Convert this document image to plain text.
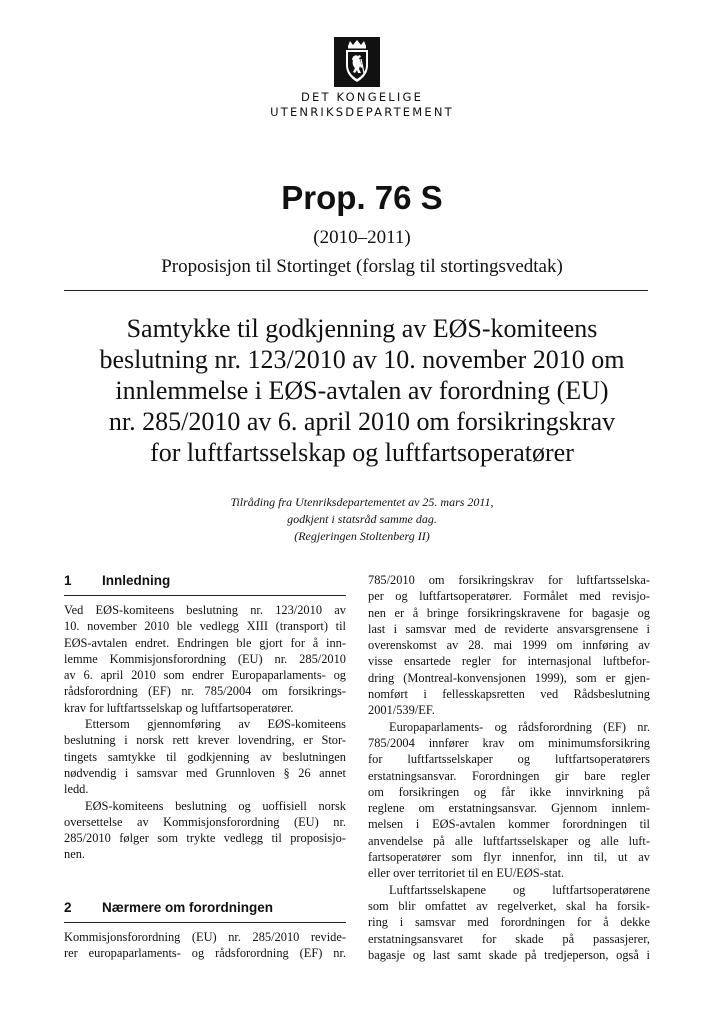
DET KONGELIGE
UTENRIKSDEPARTEMENT
Prop. 76 S
(2010–2011)
Proposisjon til Stortinget (forslag til stortingsvedtak)
Samtykke til godkjenning av EØS-komiteens
beslutning nr. 123/2010 av 10. november 2010 om
innlemmelse i EØS-avtalen av forordning (EU)
nr. 285/2010 av 6. april 2010 om forsikringskrav
for luftfartsselskap og luftfartsoperatører
Tilråding fra Utenriksdepartementet av 25. mars 2011,
godkjent i statsråd samme dag.
(Regjeringen Stoltenberg II)
1	Innledning
Ved EØS-komiteens beslutning nr. 123/2010 av
10. november 2010 ble vedlegg XIII (transport) til
EØS-avtalen endret. Endringen ble gjort for å inn-
lemme Kommisjonsforordning (EU) nr. 285/2010
av 6. april 2010 som endrer Europaparlaments- og
rådsforordning (EF) nr. 785/2004 om forsikrings-
krav for luftfartsselskap og luftfartsoperatører.
Ettersom gjennomføring av EØS-komiteens
beslutning i norsk rett krever lovendring, er Stor-
tingets samtykke til godkjenning av beslutningen
nødvendig i samsvar med Grunnloven § 26 annet
ledd.
EØS-komiteens beslutning og uoffisiell norsk
oversettelse av Kommisjonsforordning (EU) nr.
285/2010 følger som trykte vedlegg til proposisjo-
nen.
2	Nærmere om forordningen
Kommisjonsforordning (EU) nr. 285/2010 revide-
rer europaparlaments- og rådsforordning (EF) nr.
785/2010 om forsikringskrav for luftfartsselska-
per og luftfartsoperatører. Formålet med revisjo-
nen er å bringe forsikringskravene for bagasje og
last i samsvar med de reviderte ansvarsgrensene i
overenskomst av 28. mai 1999 om innføring av
visse ensartede regler for internasjonal luftbefor-
dring (Montreal-konvensjonen 1999), som er gjen-
nomført i fellesskapsretten ved Rådsbeslutning
2001/539/EF.
Europaparlaments- og rådsforordning (EF) nr.
785/2004 innfører krav om minimumsforsikring
for luftfartsselskaper og luftfartsoperatørers
erstatningsansvar. Forordningen gir bare regler
om forsikringen og får ikke innvirkning på
reglene om erstatningsansvar. Gjennom innlem-
melsen i EØS-avtalen kommer forordningen til
anvendelse på alle luftfartsselskaper og alle luft-
fartsoperatører som flyr innenfor, inn til, ut av
eller over territoriet til en EU/EØS-stat.
Luftfartsselskapene og luftfartsoperatørene
som blir omfattet av regelverket, skal ha forsik-
ring i samsvar med forordningen for å dekke
erstatningsansvaret for skade på passasjerer,
bagasje og last samt skade på tredjeperson, også i
